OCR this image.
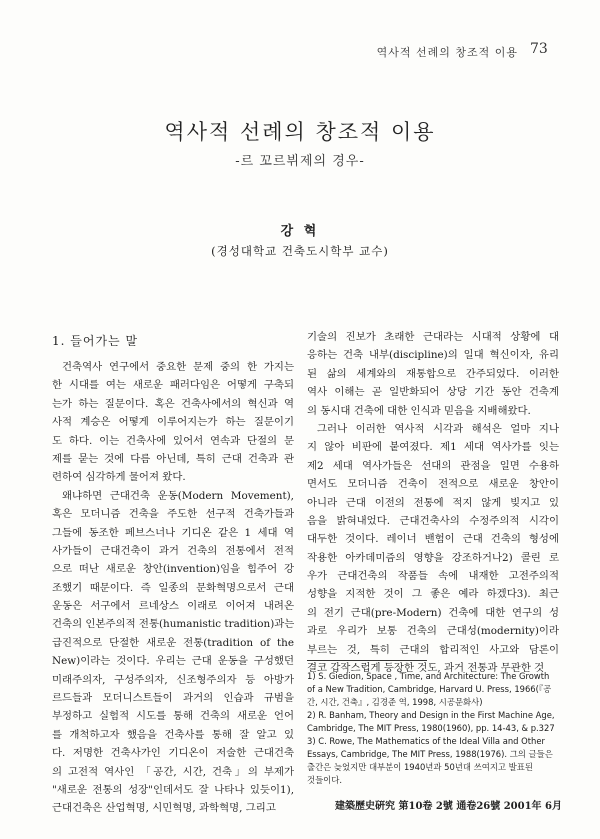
역사적 선례의 창조적 이용 73
역사적 선례의 창조적 이용
-르 꼬르뷔제의 경우-
강 혁
(경성대학교 건축도시학부 교수)
1. 들어가는 말
건축역사 연구에서 중요한 문제 중의 한 가지는
한 시대를 여는 새로운 패러다임은 어떻게 구축되
는가 하는 질문이다. 혹은 건축사에서의 혁신과 역
사적 계승은 어떻게 이루어지는가 하는 질문이기
도 하다. 이는 건축사에 있어서 연속과 단절의 문
제를 묻는 것에 다름 아닌데, 특히 근대 건축과 관
련하여 심각하게 물어져 왔다.
왜냐하면 근대건축 운동(Modern Movement),
혹은 모더니즘 건축을 주도한 선구적 건축가들과
그들에 동조한 페브스너나 기디온 같은 1 세대 역
사가들이 근대건축이 과거 건축의 전통에서 전적
으로 떠난 새로운 창안(invention)임을 힘주어 강
조했기 때문이다. 즉 일종의 문화혁명으로서 근대
운동은 서구에서 르네상스 이래로 이어져 내려온
건축의 인본주의적 전통(humanistic tradition)과는
급진적으로 단절한 새로운 전통(tradition of the
New)이라는 것이다. 우리는 근대 운동을 구성했던
미래주의자, 구성주의자, 신조형주의자 등 아방가
르드들과 모더니스트들이 과거의 인습과 규범을
부정하고 실험적 시도를 통해 건축의 새로운 언어
를 개척하고자 했음을 건축사를 통해 잘 알고 있
다. 저명한 건축사가인 기디온이 저술한 근대건축
의 고전적 역사인 「공간, 시간, 건축」의 부제가
"새로운 전통의 성장"인데서도 잘 나타나 있듯이1),
근대건축은 산업혁명, 시민혁명, 과학혁명, 그리고
기술의 진보가 초래한 근대라는 시대적 상황에 대
응하는 건축 내부(discipline)의 일대 혁신이자, 유리
된 삶의 세계와의 재통합으로 간주되었다. 이러한
역사 이해는 곧 일반화되어 상당 기간 동안 건축계
의 동시대 건축에 대한 인식과 믿음을 지배해왔다.
그러나 이러한 역사적 시각과 해석은 얼마 지나
지 않아 비판에 붙여졌다. 제1 세대 역사가를 잇는
제2 세대 역사가들은 선대의 관점을 일면 수용하
면서도 모더니즘 건축이 전적으로 새로운 창안이
아니라 근대 이전의 전통에 적지 않게 빚지고 있
음을 밝혀내었다. 근대건축사의 수정주의적 시각이
대두한 것이다. 레이너 밴험이 근대 건축의 형성에
작용한 아카데미즘의 영향을 강조하거나2) 콜린 로
우가 근대건축의 작품들 속에 내재한 고전주의적
성향을 지적한 것이 그 좋은 예라 하겠다3). 최근
의 전기 근대(pre-Modern) 건축에 대한 연구의 성
과로 우리가 보통 건축의 근대성(modernity)이라
부르는 것, 특히 근대의 합리적인 사고와 담론이
결코 갑작스럽게 등장한 것도, 과거 전통과 무관한 것
1) S. Giedion, Space , Time, and Architecture: The Growth
of a New Tradition, Cambridge, Harvard U. Press, 1966(『공
간, 시간, 건축』, 김경준 역, 1998, 시공문화사)
2) R. Banham, Theory and Design in the First Machine Age,
Cambridge, The MIT Press, 1980(1960), pp. 14-43, & p.327
3) C. Rowe, The Mathematics of the Ideal Villa and Other
Essays, Cambridge, The MIT Press, 1988(1976). 그의 글들은
출간은 늦었지만 대부분이 1940년과 50년대 쓰여지고 발표된
것들이다.
建築歷史硏究 第10卷 2號 通卷26號 2001年 6月
